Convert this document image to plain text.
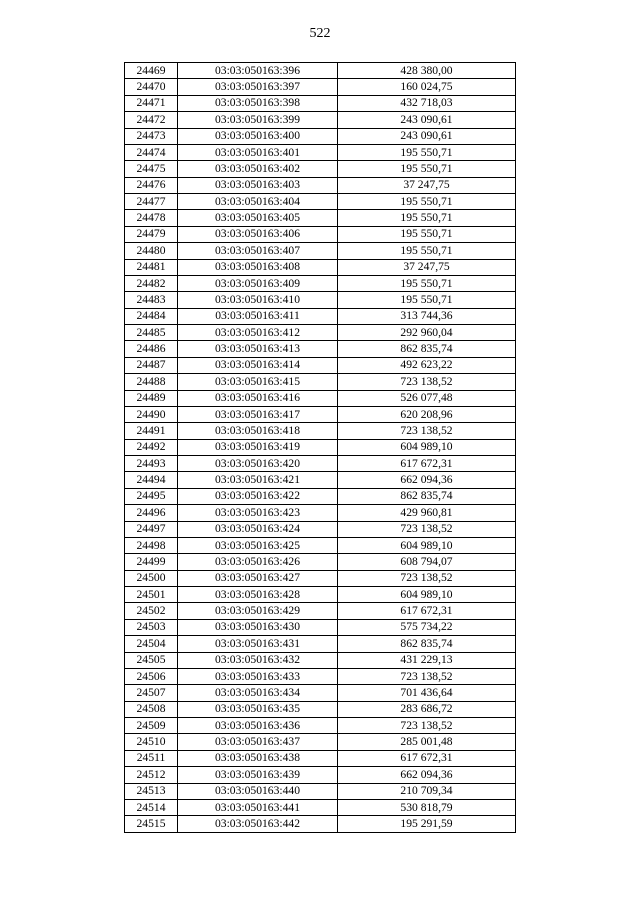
522
24469	03:03:050163:396	428 380,00
24470	03:03:050163:397	160 024,75
24471	03:03:050163:398	432 718,03
24472	03:03:050163:399	243 090,61
24473	03:03:050163:400	243 090,61
24474	03:03:050163:401	195 550,71
24475	03:03:050163:402	195 550,71
24476	03:03:050163:403	37 247,75
24477	03:03:050163:404	195 550,71
24478	03:03:050163:405	195 550,71
24479	03:03:050163:406	195 550,71
24480	03:03:050163:407	195 550,71
24481	03:03:050163:408	37 247,75
24482	03:03:050163:409	195 550,71
24483	03:03:050163:410	195 550,71
24484	03:03:050163:411	313 744,36
24485	03:03:050163:412	292 960,04
24486	03:03:050163:413	862 835,74
24487	03:03:050163:414	492 623,22
24488	03:03:050163:415	723 138,52
24489	03:03:050163:416	526 077,48
24490	03:03:050163:417	620 208,96
24491	03:03:050163:418	723 138,52
24492	03:03:050163:419	604 989,10
24493	03:03:050163:420	617 672,31
24494	03:03:050163:421	662 094,36
24495	03:03:050163:422	862 835,74
24496	03:03:050163:423	429 960,81
24497	03:03:050163:424	723 138,52
24498	03:03:050163:425	604 989,10
24499	03:03:050163:426	608 794,07
24500	03:03:050163:427	723 138,52
24501	03:03:050163:428	604 989,10
24502	03:03:050163:429	617 672,31
24503	03:03:050163:430	575 734,22
24504	03:03:050163:431	862 835,74
24505	03:03:050163:432	431 229,13
24506	03:03:050163:433	723 138,52
24507	03:03:050163:434	701 436,64
24508	03:03:050163:435	283 686,72
24509	03:03:050163:436	723 138,52
24510	03:03:050163:437	285 001,48
24511	03:03:050163:438	617 672,31
24512	03:03:050163:439	662 094,36
24513	03:03:050163:440	210 709,34
24514	03:03:050163:441	530 818,79
24515	03:03:050163:442	195 291,59
